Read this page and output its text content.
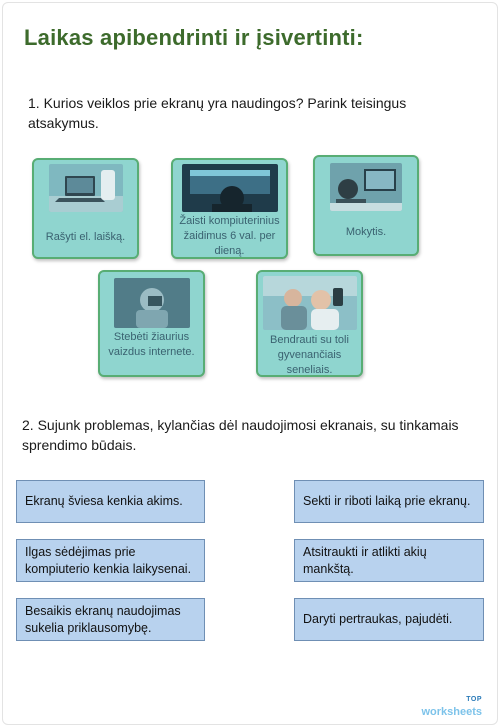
Laikas apibendrinti ir įsivertinti:

1. Kurios veiklos prie ekranų yra naudingos? Parink teisingus atsakymus.

Rašyti el. laišką.
Žaisti kompiuterinius žaidimus 6 val. per dieną.
Mokytis.
Stebėti žiaurius vaizdus internete.
Bendrauti su toli gyvenančiais seneliais.

2. Sujunk problemas, kylančias dėl naudojimosi ekranais, su tinkamais sprendimo būdais.

Ekranų šviesa kenkia akims.
Ilgas sėdėjimas prie kompiuterio kenkia laikysenai.
Besaikis ekranų naudojimas sukelia priklausomybę.
Sekti ir riboti laiką prie ekranų.
Atsitraukti ir atlikti akių mankštą.
Daryti pertraukas, pajudėti.
TOP
worksheets
